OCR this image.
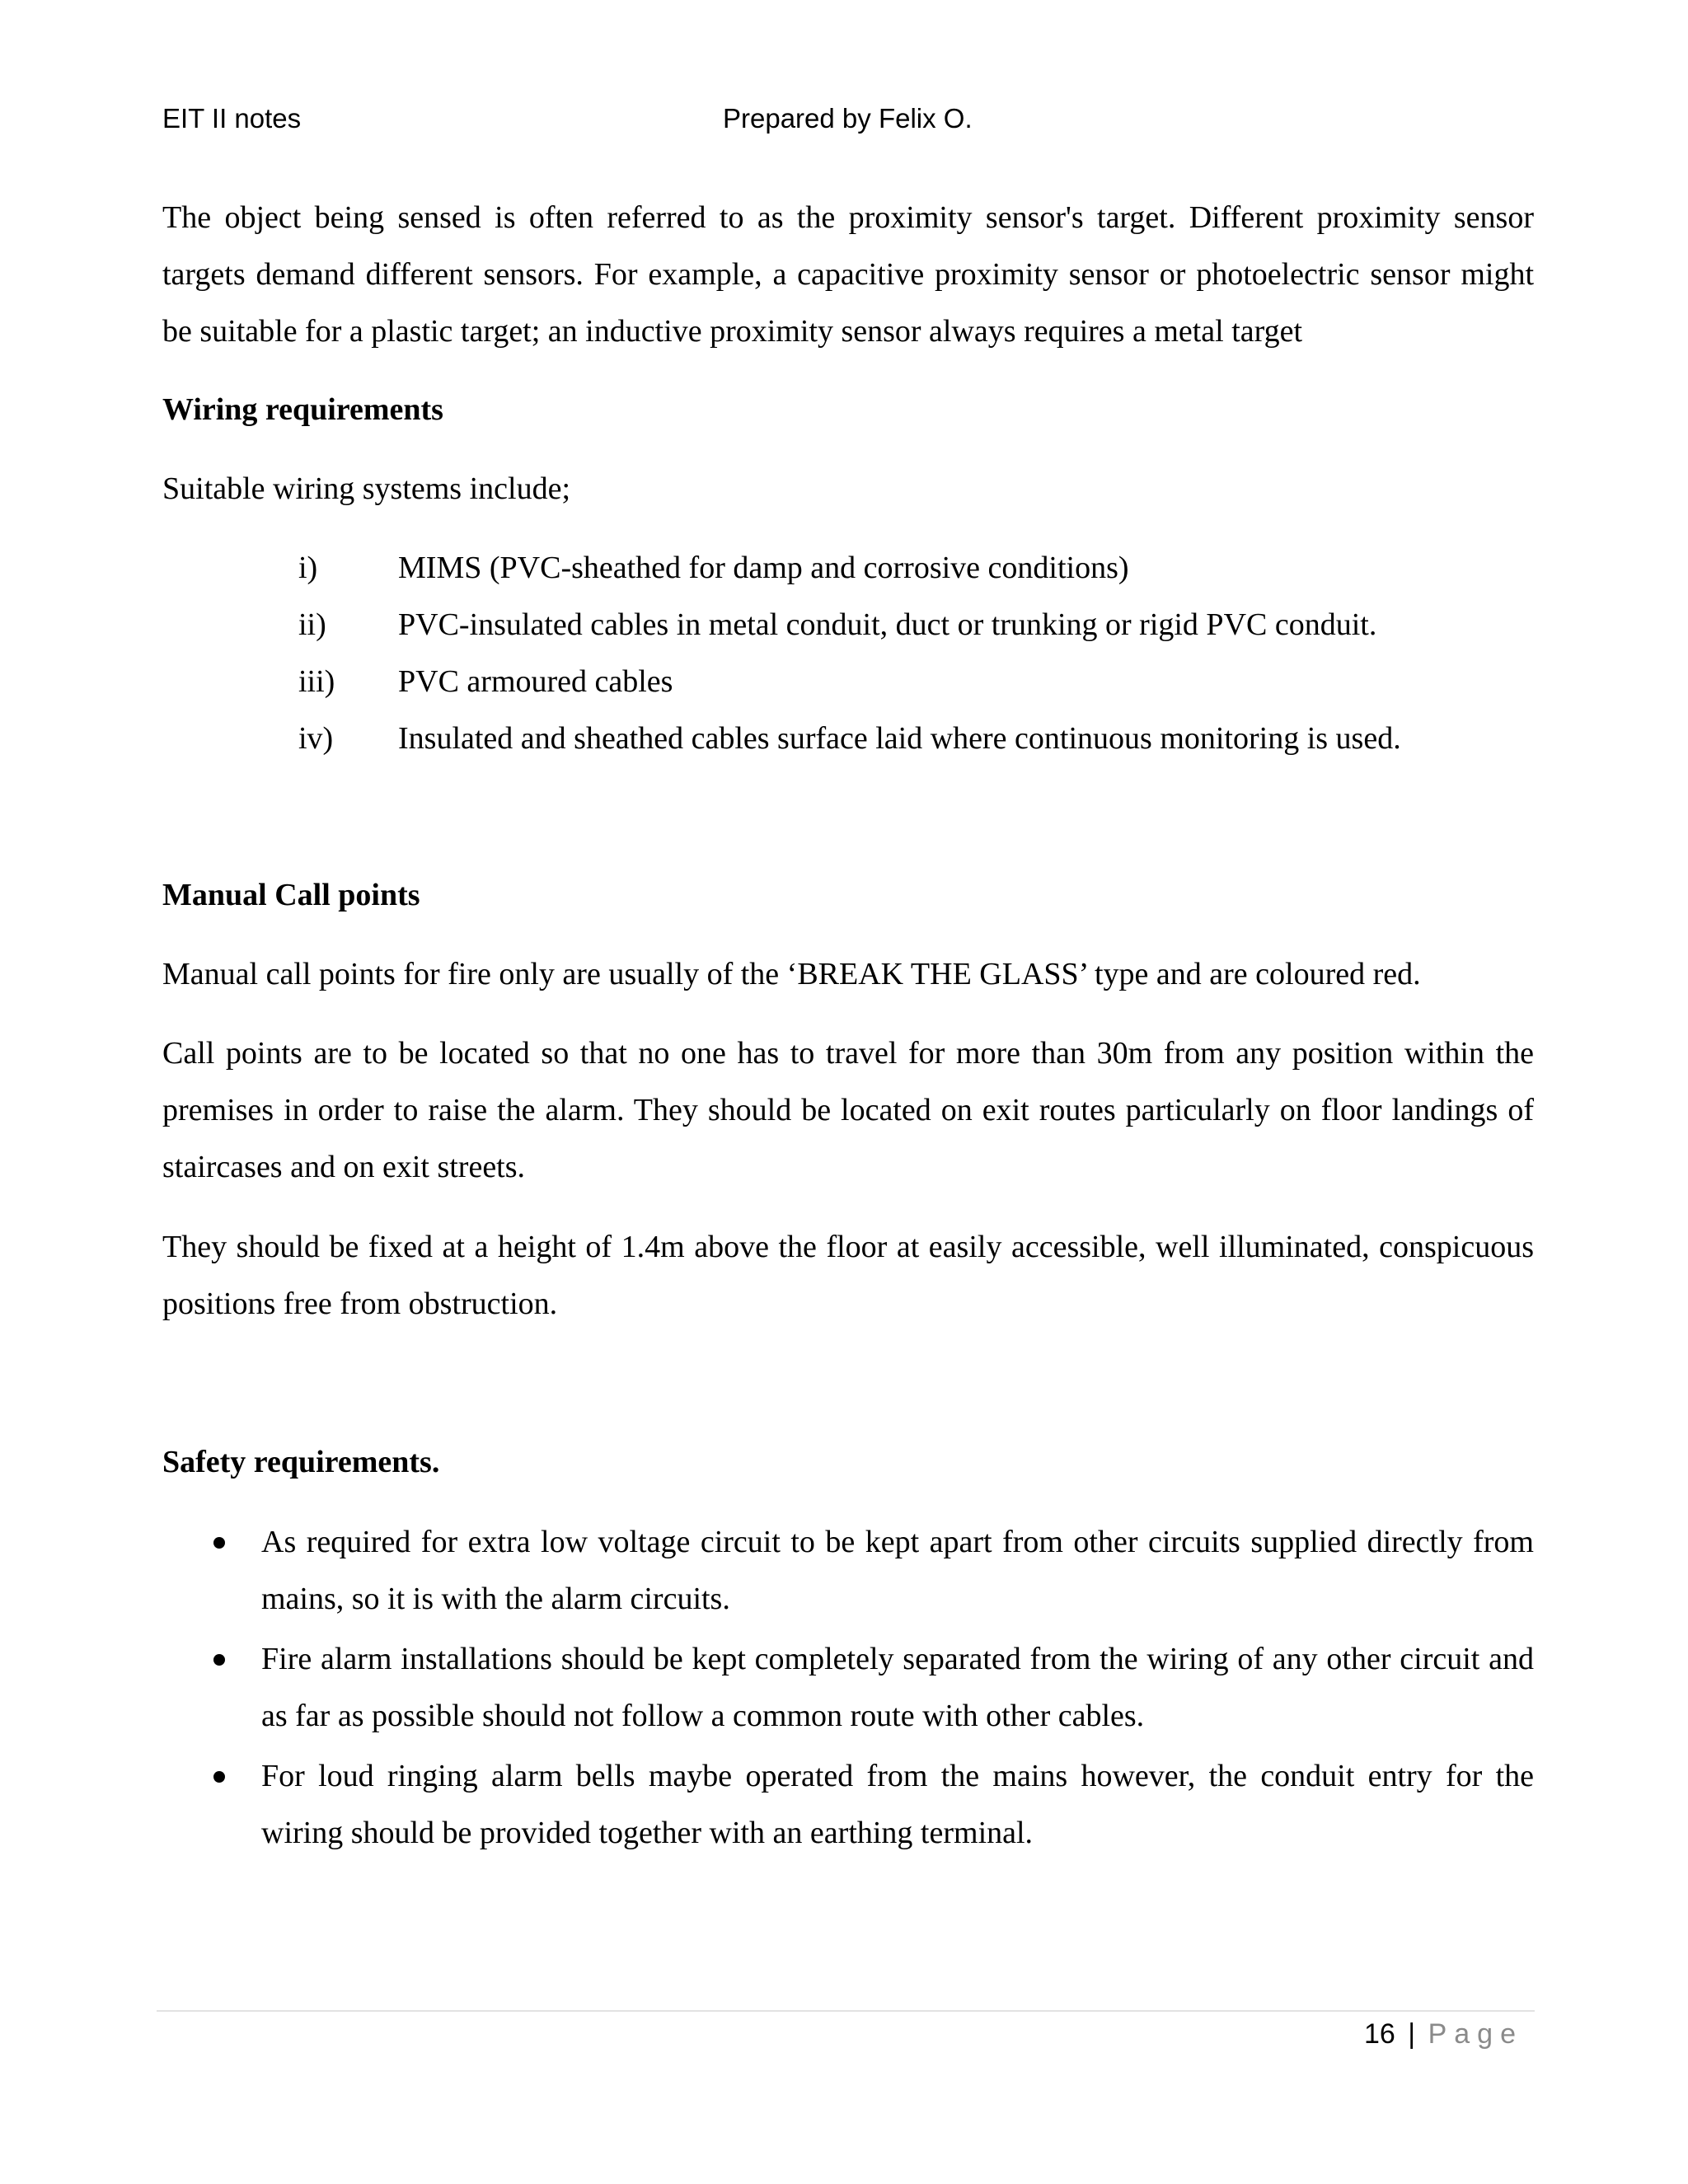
EIT II notes	Prepared by Felix O.

The object being sensed is often referred to as the proximity sensor's target. Different proximity sensor targets demand different sensors. For example, a capacitive proximity sensor or photoelectric sensor might be suitable for a plastic target; an inductive proximity sensor always requires a metal target

Wiring requirements
Suitable wiring systems include;
i)	MIMS (PVC-sheathed for damp and corrosive conditions)
ii) PVC-insulated cables in metal conduit, duct or trunking or rigid PVC conduit.
iii) PVC armoured cables
iv) Insulated and sheathed cables surface laid where continuous monitoring is used.
Manual Call points
Manual call points for fire only are usually of the ‘BREAK THE GLASS’ type and are coloured red.
Call points are to be located so that no one has to travel for more than 30m from any position within the premises in order to raise the alarm. They should be located on exit routes particularly on floor landings of staircases and on exit streets.
They should be fixed at a height of 1.4m above the floor at easily accessible, well illuminated, conspicuous positions free from obstruction.
Safety requirements.
As required for extra low voltage circuit to be kept apart from other circuits supplied directly from mains, so it is with the alarm circuits.
Fire alarm installations should be kept completely separated from the wiring of any other circuit and as far as possible should not follow a common route with other cables.
For loud ringing alarm bells maybe operated from the mains however, the conduit entry for the wiring should be provided together with an earthing terminal.
16 | Page
